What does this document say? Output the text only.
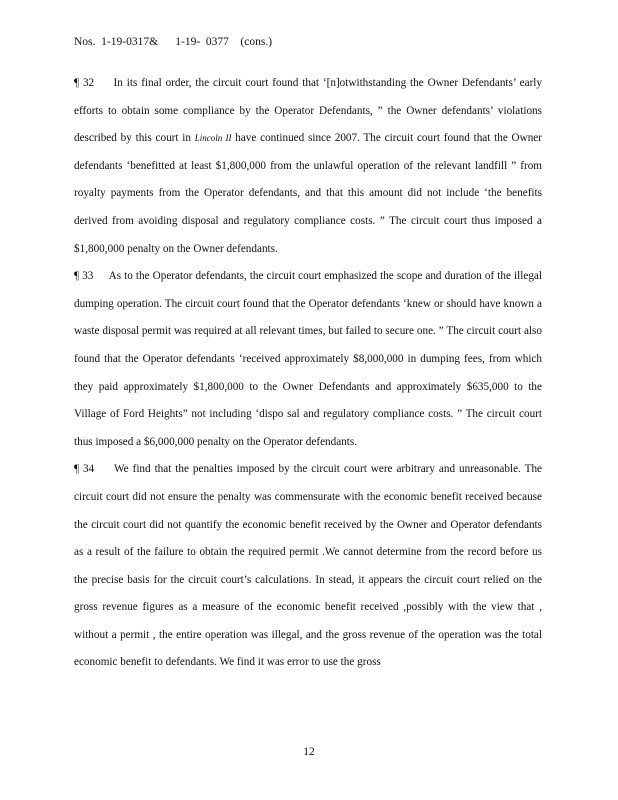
Nos.  1-19-0317&      1-19-  0377    (cons.)

¶ 32 In its final order, the circuit court found that ‘[n]otwithstanding the Owner Defendants’ early efforts to obtain some compliance by the Operator Defendants, ” the Owner defendants’ violations described by this court in Lincoln II have continued since 2007. The circuit court found that the Owner defendants ‘benefitted at least $1,800,000 from the unlawful operation of the relevant landfill ” from royalty payments from the Operator defendants, and that this amount did not include ‘the benefits derived from avoiding disposal and regulatory compliance costs. ” The circuit court thus imposed a $1,800,000 penalty on the Owner defendants.

¶ 33 As to the Operator defendants, the circuit court emphasized the scope and duration of the illegal dumping operation. The circuit court found that the Operator defendants ‘knew or should have known a waste disposal permit was required at all relevant times, but failed to secure one. ” The circuit court also found that the Operator defendants ‘received approximately $8,000,000 in dumping fees, from which they paid approximately $1,800,000 to the Owner Defendants and approximately $635,000 to the Village of Ford Heights” not including ‘dispo sal and regulatory compliance costs. ” The circuit court thus imposed a $6,000,000 penalty on the Operator defendants.

¶ 34 We find that the penalties imposed by the circuit court were arbitrary and unreasonable. The circuit court did not ensure the penalty was commensurate with the economic benefit received because the circuit court did not quantify the economic benefit received by the Owner and Operator defendants as a result of the failure to obtain the required permit .We cannot determine from the record before us the precise basis for the circuit court’s calculations. In stead, it appears the circuit court relied on the gross revenue figures as a measure of the economic benefit received ,possibly with the view that , without a permit , the entire operation was illegal, and the gross revenue of the operation was the total economic benefit to defendants. We find it was error to use the gross

12
